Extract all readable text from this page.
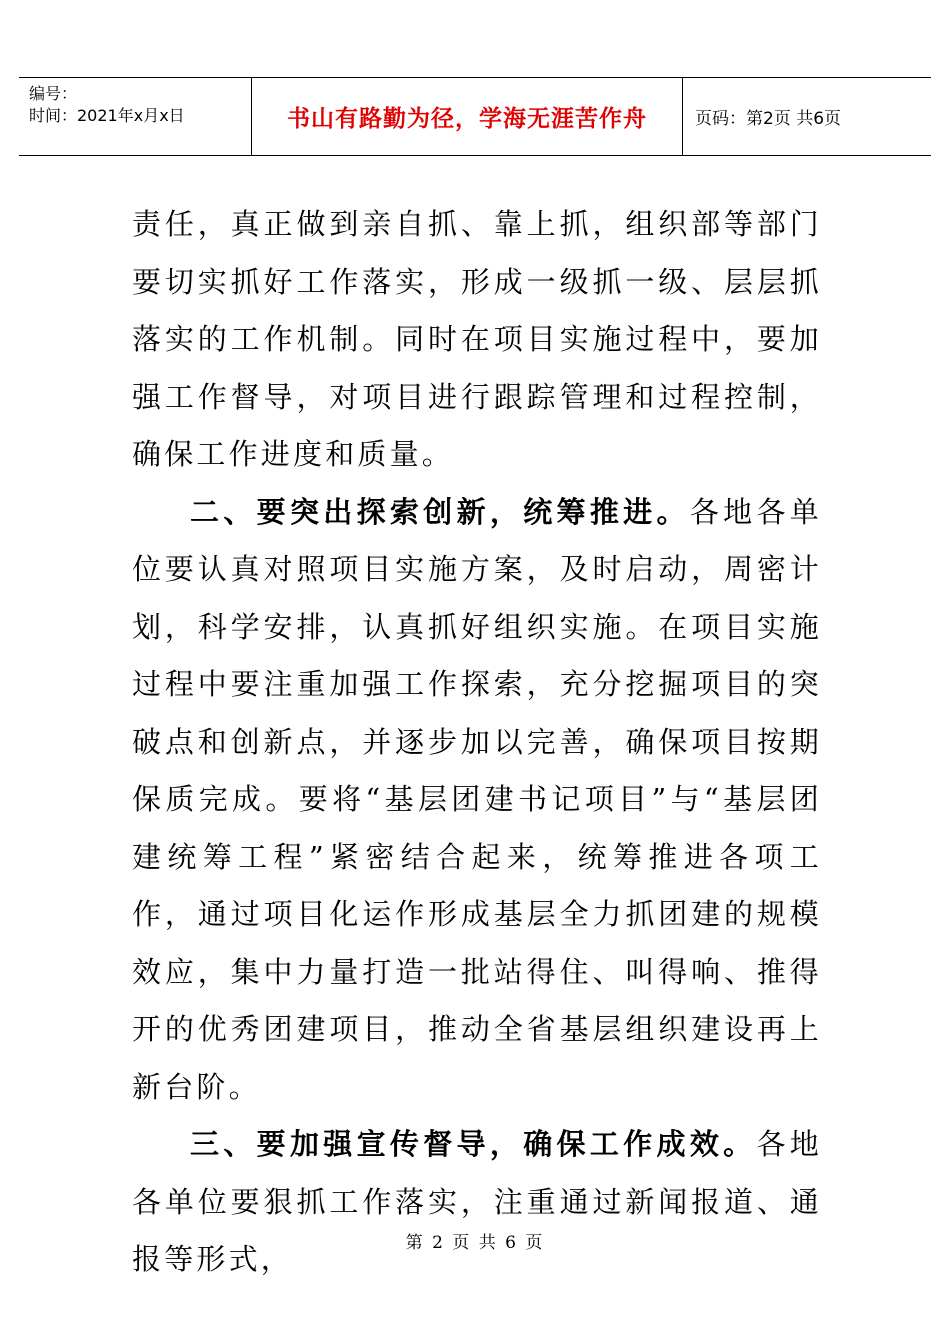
编号：
时间：2021年x月x日	书山有路勤为径，学海无涯苦作舟	页码：第2页 共6页

责任，真正做到亲自抓、靠上抓，组织部等部门要切实抓好工作落实，形成一级抓一级、层层抓落实的工作机制。同时在项目实施过程中，要加强工作督导，对项目进行跟踪管理和过程控制，确保工作进度和质量。

二、要突出探索创新，统筹推进。各地各单位要认真对照项目实施方案，及时启动，周密计划，科学安排，认真抓好组织实施。在项目实施过程中要注重加强工作探索，充分挖掘项目的突破点和创新点，并逐步加以完善，确保项目按期保质完成。要将“基层团建书记项目”与“基层团建统筹工程”紧密结合起来，统筹推进各项工作，通过项目化运作形成基层全力抓团建的规模效应，集中力量打造一批站得住、叫得响、推得开的优秀团建项目，推动全省基层组织建设再上新台阶。

三、要加强宣传督导，确保工作成效。各地各单位要狠抓工作落实，注重通过新闻报道、通报等形式，	第 2 页 共 6 页
